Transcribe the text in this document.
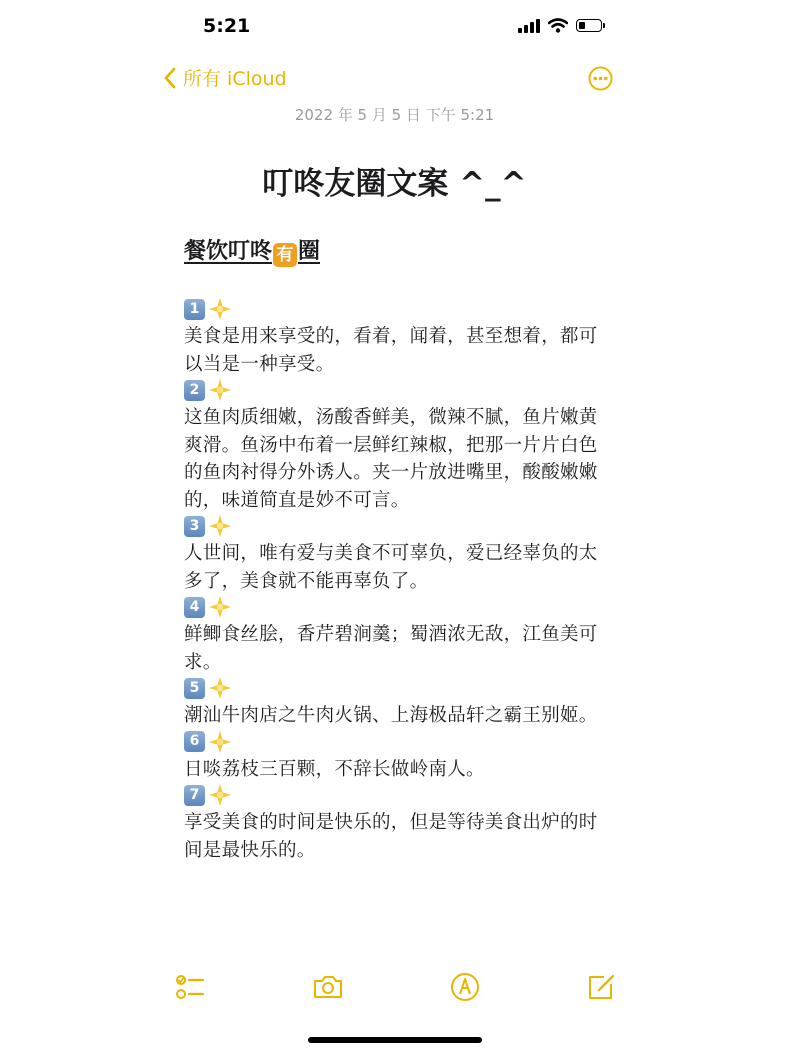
5:21
所有 iCloud
2022 年 5 月 5 日 下午 5:21
叮咚友圈文案 ^_^
餐饮叮咚 有 圈
1
美食是用来享受的，看着，闻着，甚至想着，都可以当是一种享受。
2
这鱼肉质细嫩，汤酸香鲜美，微辣不腻，鱼片嫩黄爽滑。鱼汤中布着一层鲜红辣椒，把那一片片白色的鱼肉衬得分外诱人。夹一片放进嘴里，酸酸嫩嫩的，味道简直是妙不可言。
3
人世间，唯有爱与美食不可辜负，爱已经辜负的太多了，美食就不能再辜负了。
4
鲜鲫食丝脍，香芹碧涧羹；蜀酒浓无敌，江鱼美可求。
5
潮汕牛肉店之牛肉火锅、上海极品轩之霸王别姬。
6
日啖荔枝三百颗，不辞长做岭南人。
7
享受美食的时间是快乐的，但是等待美食出炉的时间是最快乐的。
